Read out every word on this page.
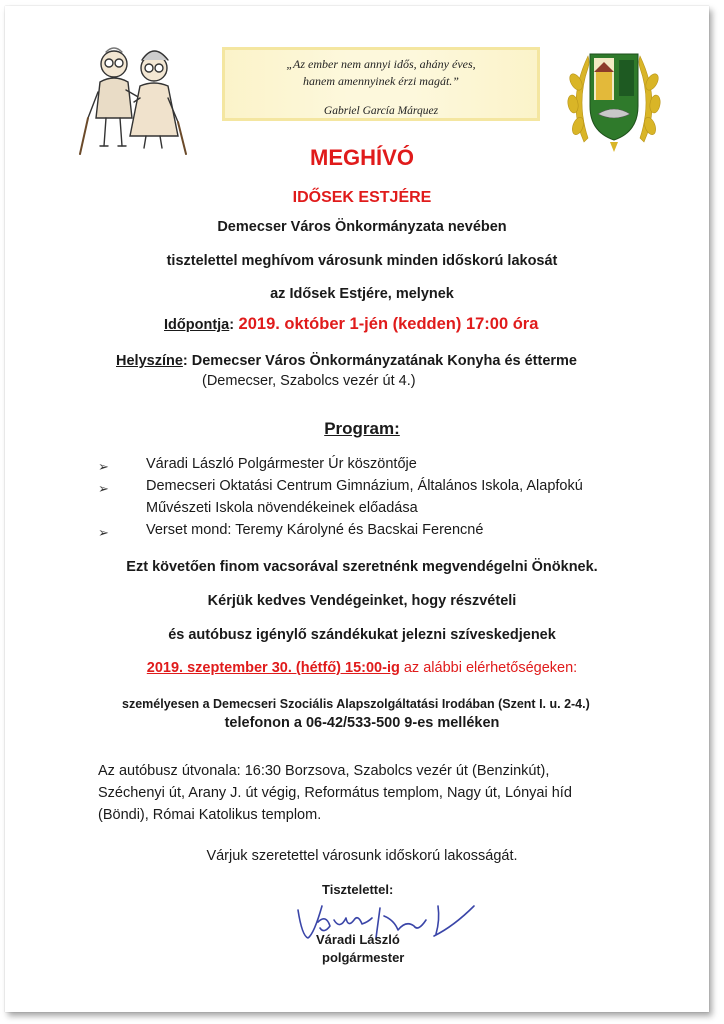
„Az ember nem annyi idős, ahány éves,
hanem amennyinek érzi magát.”
Gabriel García Márquez
MEGHÍVÓ
IDŐSEK ESTJÉRE
Demecser Város Önkormányzata nevében
tisztelettel meghívom városunk minden időskorú lakosát
az Idősek Estjére, melynek
Időpontja: 2019. október 1-jén (kedden) 17:00 óra
Helyszíne: Demecser Város Önkormányzatának Konyha és étterme
(Demecser, Szabolcs vezér út 4.)
Program:
➢	Váradi László Polgármester Úr köszöntője
➢	Demecseri Oktatási Centrum Gimnázium, Általános Iskola, Alapfokú
Művészeti Iskola növendékeinek előadása
➢	Verset mond: Teremy Károlyné és Bacskai Ferencné
Ezt követően finom vacsorával szeretnénk megvendégelni Önöknek.
Kérjük kedves Vendégeinket, hogy részvételi
és autóbusz igénylő szándékukat jelezni szíveskedjenek
2019. szeptember 30. (hétfő) 15:00-ig az alábbi elérhetőségeken:
személyesen a Demecseri Szociális Alapszolgáltatási Irodában (Szent I. u. 2-4.)
telefonon a 06-42/533-500 9-es melléken
Az autóbusz útvonala: 16:30 Borzsova, Szabolcs vezér út (Benzinkút),
Széchenyi út, Arany J. út végig, Református templom, Nagy út, Lónyai híd
(Böndi), Római Katolikus templom.
Várjuk szeretettel városunk időskorú lakosságát.
Tisztelettel:
Váradi László
polgármester
